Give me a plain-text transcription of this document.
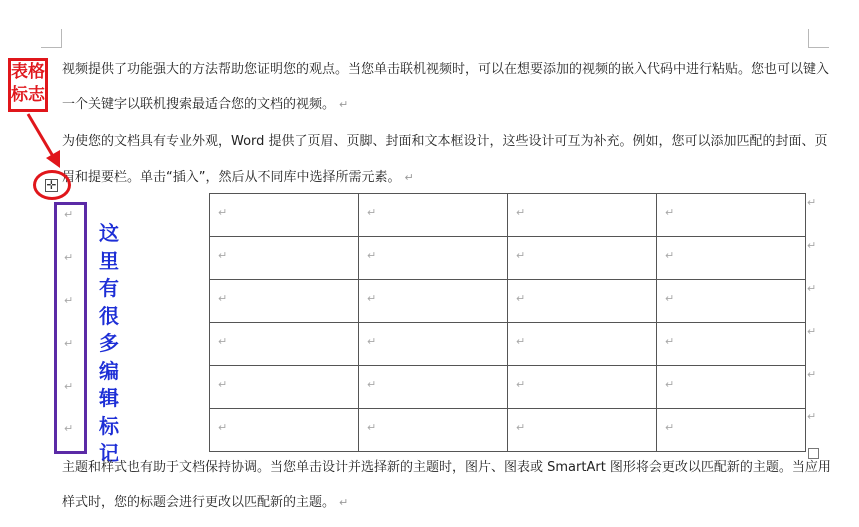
视频提供了功能强大的方法帮助您证明您的观点。当您单击联机视频时，可以在想要添加的视频的嵌入代码中进行粘贴。您也可以键入
一个关键字以联机搜索最适合您的文档的视频。 ↵
为使您的文档具有专业外观，Word 提供了页眉、页脚、封面和文本框设计，这些设计可互为补充。例如，您可以添加匹配的封面、页
眉和提要栏。单击“插入”，然后从不同库中选择所需元素。 ↵
表格
标志
✛
↵
↵
↵
↵
↵
↵
这
里
有
很
多
编
辑
标
记
↵	↵	↵	↵

↵	↵	↵	↵

↵	↵	↵	↵

↵	↵	↵	↵

↵	↵	↵	↵

↵	↵	↵	↵
↵
↵
↵
↵
↵
↵
主题和样式也有助于文档保持协调。当您单击设计并选择新的主题时，图片、图表或 SmartArt 图形将会更改以匹配新的主题。当应用
样式时，您的标题会进行更改以匹配新的主题。 ↵
